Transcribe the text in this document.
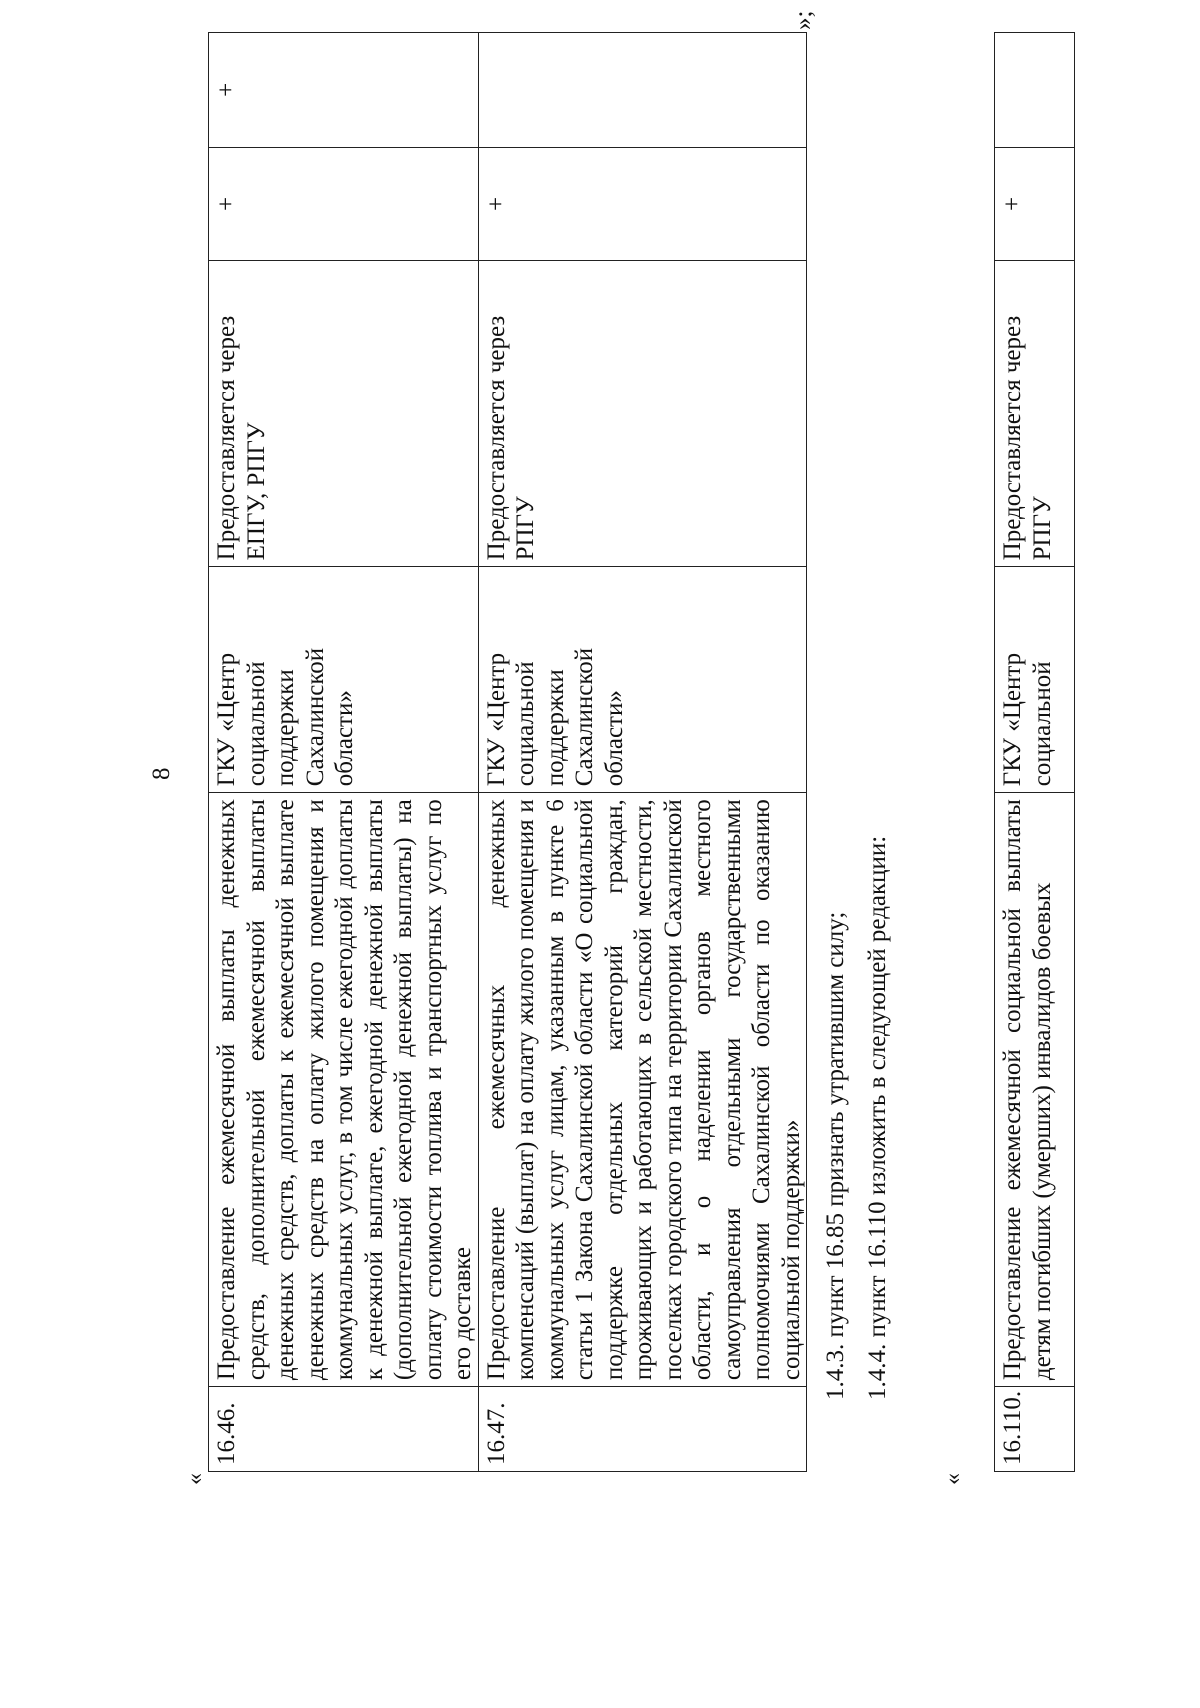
8
«
16.46.	Предоставление ежемесячной выплаты денежных средств, дополнительной ежемесячной выплаты денежных средств, доплаты к ежемесячной выплате денежных средств на оплату жилого помещения и коммунальных услуг, в том числе ежегодной доплаты к денежной выплате, ежегодной денежной выплаты (дополнительной ежегодной денежной выплаты) на оплату стоимости топлива и транспортных услуг по его доставке	ГКУ «Центр социальной поддержки Сахалинской области»	Предоставляется через ЕПГУ, РПГУ	+	+
16.47.	Предоставление ежемесячных денежных компенсаций (выплат) на оплату жилого помещения и коммунальных услуг лицам, указанным в пункте 6 статьи 1 Закона Сахалинской области «О социальной поддержке отдельных категорий граждан, проживающих и работающих в сельской местности, поселках городского типа на территории Сахалинской области, и о наделении органов местного самоуправления отдельными государственными полномочиями Сахалинской области по оказанию социальной поддержки»	ГКУ «Центр социальной поддержки Сахалинской области»	Предоставляется через РПГУ	+	
»;
1.4.3. пункт 16.85 признать утратившим силу; 1.4.4. пункт 16.110 изложить в следующей редакции:
«
16.110.	Предоставление ежемесячной социальной выплаты детям погибших (умерших) инвалидов боевых	ГКУ «Центр социальной	Предоставляется через РПГУ	+	
